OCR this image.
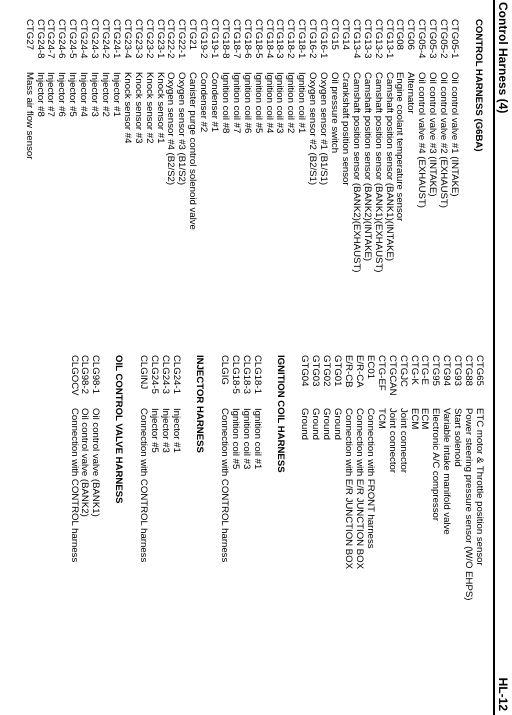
Control Harness (4)
HL-12
CONTROL HARNESS (G6BA)
CTG05-1
Oil control valve #1 (INTAKE)
CTG05-2
Oil control valve #2 (EXHAUST)
CTG05-3
Oil control valve #3 (INTAKE)
CTG05-4
Oil control valve #4 (EXHAUST)
CTG06
Alternator
CTG08
Engine coolant temperature sensor
CTG13-1
Camshaft position sensor (BANK1)(INTAKE)
CTG13-2
Camshaft position sensor (BANK1)(EXHAUST)
CTG13-3
Camshaft position sensor (BANK2)(INTAKE)
CTG13-4
Camshaft position sensor (BANK2)(EXHAUST)
CTG14
Crankshaft position sensor
CTG15
Oil pressure switch
CTG16-1
Oxygen sensor #1 (B1/S1)
CTG16-2
Oxygen sensor #2 (B2/S1)
CTG18-1
Ignition coil #1
CTG18-2
Ignition coil #2
CTG18-3
Ignition coil #3
CTG18-4
Ignition coil #4
CTG18-5
Ignition coil #5
CTG18-6
Ignition coil #6
CTG18-7
Ignition coil #7
CTG18-8
Ignition coil #8
CTG19-1
Condenser #1
CTG19-2
Condenser #2
CTG21
Canister purge control solenoid valve
CTG22-1
Oxygen sensor #3 (B1/S2)
CTG22-2
Oxygen sensor #4 (B2/S2)
CTG23-1
Knock sensor #1
CTG23-2
Knock sensor #2
CTG23-3
Knock sensor #3
CTG23-4
Knock sensor #4
CTG24-1
Injector #1
CTG24-2
Injector #2
CTG24-3
Injector #3
CTG24-4
Injector #4
CTG24-5
Injector #5
CTG24-6
Injector #6
CTG24-7
Injector #7
CTG24-8
Injector #8
CTG27
Mass air flow sensor
CTG65
ETC motor & Throttle position sensor
CTG88
Power steering pressure sensor (W/O EHPS)
CTG93
Start solenoid
CTG94
Variable intake manifold valve
CTG95
Electronic A/C compressor
CTG-E
ECM
CTG-K
ECM
CTGJC
Joint connector
CTGCAN
Joint connector
CTG-EF
TCM
EC01
Connection with FRONT harness
E/R-CA
Connection with E/R JUNCTION BOX
E/R-CB
Connection with E/R JUNCTION BOX
GTG01
Ground
GTG02
Ground
GTG03
Ground
GTG04
Ground
IGNITION COIL HARNESS
CLG18-1
Ignition coil #1
CLG18-3
Ignition coil #3
CLG18-5
Ignition coil #5
CLGIG
Connection with CONTROL harness
INJECTOR HARNESS
CLG24-1
Injector #1
CLG24-3
Injector #3
CLG24-5
Injector #5
CLGINJ
Connection with CONTROL harness
OIL CONTROL VALVE HARNESS
CLG98-1
Oil control valve (BANK1)
CLG98-2
Oil control valve (BANK2)
CLGOCV
Connection with CONTROL harness
